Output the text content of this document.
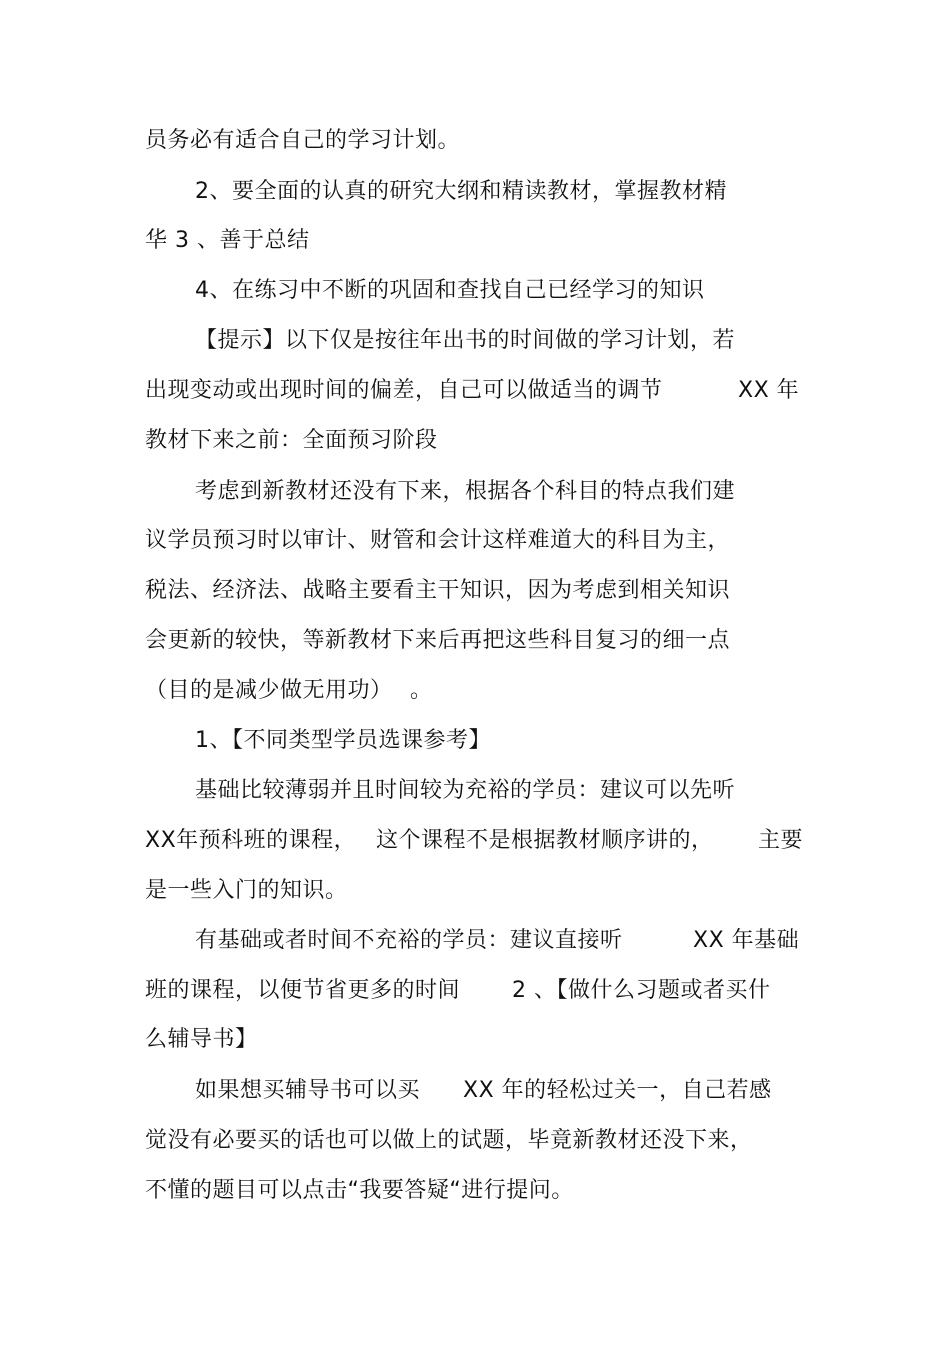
员务必有适合自己的学习计划。
2、要全面的认真的研究大纲和精读教材，掌握教材精
华 3 、善于总结
4、在练习中不断的巩固和查找自己已经学习的知识
【提示】以下仅是按往年出书的时间做的学习计划，若
出现变动或出现时间的偏差，自己可以做适当的调节	XX 年
教材下来之前：全面预习阶段
考虑到新教材还没有下来，根据各个科目的特点我们建
议学员预习时以审计、财管和会计这样难道大的科目为主，
税法、经济法、战略主要看主干知识，因为考虑到相关知识
会更新的较快，等新教材下来后再把这些科目复习的细一点
（目的是减少做无用功） 。
1、【不同类型学员选课参考】
基础比较薄弱并且时间较为充裕的学员：建议可以先听
XX年预科班的课程， 这个课程不是根据教材顺序讲的， 主要
是一些入门的知识。
有基础或者时间不充裕的学员：建议直接听	XX 年基础
班的课程，以便节省更多的时间 2 、【做什么习题或者买什
么辅导书】
如果想买辅导书可以买 XX 年的轻松过关一，自己若感
觉没有必要买的话也可以做上的试题，毕竟新教材还没下来，
不懂的题目可以点击“我要答疑“进行提问。
